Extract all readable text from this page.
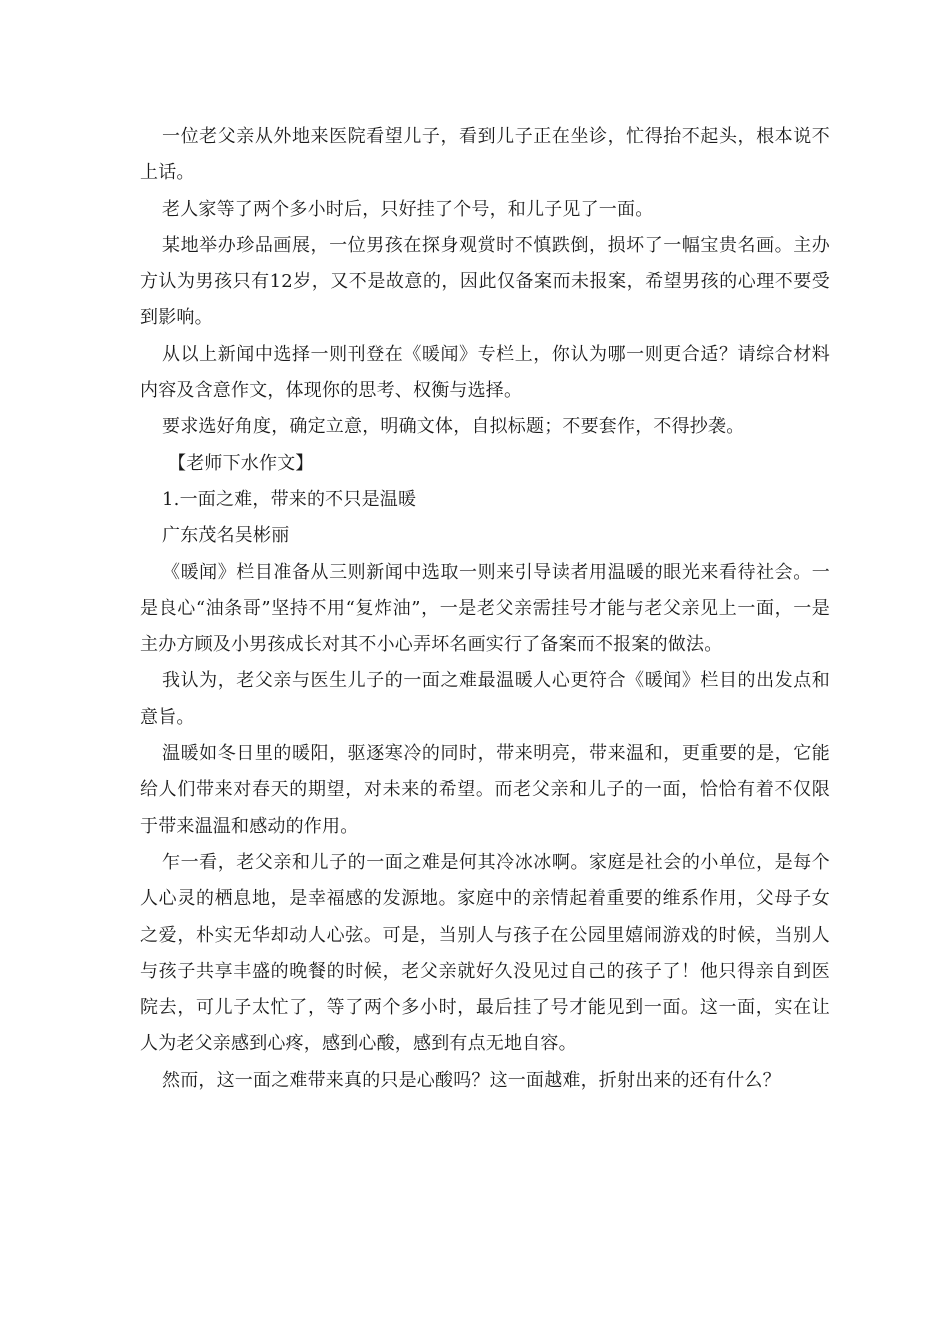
一位老父亲从外地来医院看望儿子，看到儿子正在坐诊，忙得抬不起头，根本说不上话。

老人家等了两个多小时后，只好挂了个号，和儿子见了一面。

某地举办珍品画展，一位男孩在探身观赏时不慎跌倒，损坏了一幅宝贵名画。主办方认为男孩只有12岁，又不是故意的，因此仅备案而未报案，希望男孩的心理不要受到影响。

从以上新闻中选择一则刊登在《暖闻》专栏上，你认为哪一则更合适？请综合材料内容及含意作文，体现你的思考、权衡与选择。

要求选好角度，确定立意，明确文体，自拟标题；不要套作，不得抄袭。

【老师下水作文】

1.一面之难，带来的不只是温暖

广东茂名吴彬丽

《暖闻》栏目准备从三则新闻中选取一则来引导读者用温暖的眼光来看待社会。一是良心“油条哥”坚持不用“复炸油”，一是老父亲需挂号才能与老父亲见上一面，一是主办方顾及小男孩成长对其不小心弄坏名画实行了备案而不报案的做法。

我认为，老父亲与医生儿子的一面之难最温暖人心更符合《暖闻》栏目的出发点和意旨。

温暖如冬日里的暖阳，驱逐寒冷的同时，带来明亮，带来温和，更重要的是，它能给人们带来对春天的期望，对未来的希望。而老父亲和儿子的一面，恰恰有着不仅限于带来温温和感动的作用。

乍一看，老父亲和儿子的一面之难是何其冷冰冰啊。家庭是社会的小单位，是每个人心灵的栖息地，是幸福感的发源地。家庭中的亲情起着重要的维系作用，父母子女之爱，朴实无华却动人心弦。可是，当别人与孩子在公园里嬉闹游戏的时候，当别人与孩子共享丰盛的晚餐的时候，老父亲就好久没见过自己的孩子了！他只得亲自到医院去，可儿子太忙了，等了两个多小时，最后挂了号才能见到一面。这一面，实在让人为老父亲感到心疼，感到心酸，感到有点无地自容。

然而，这一面之难带来真的只是心酸吗？这一面越难，折射出来的还有什么？
